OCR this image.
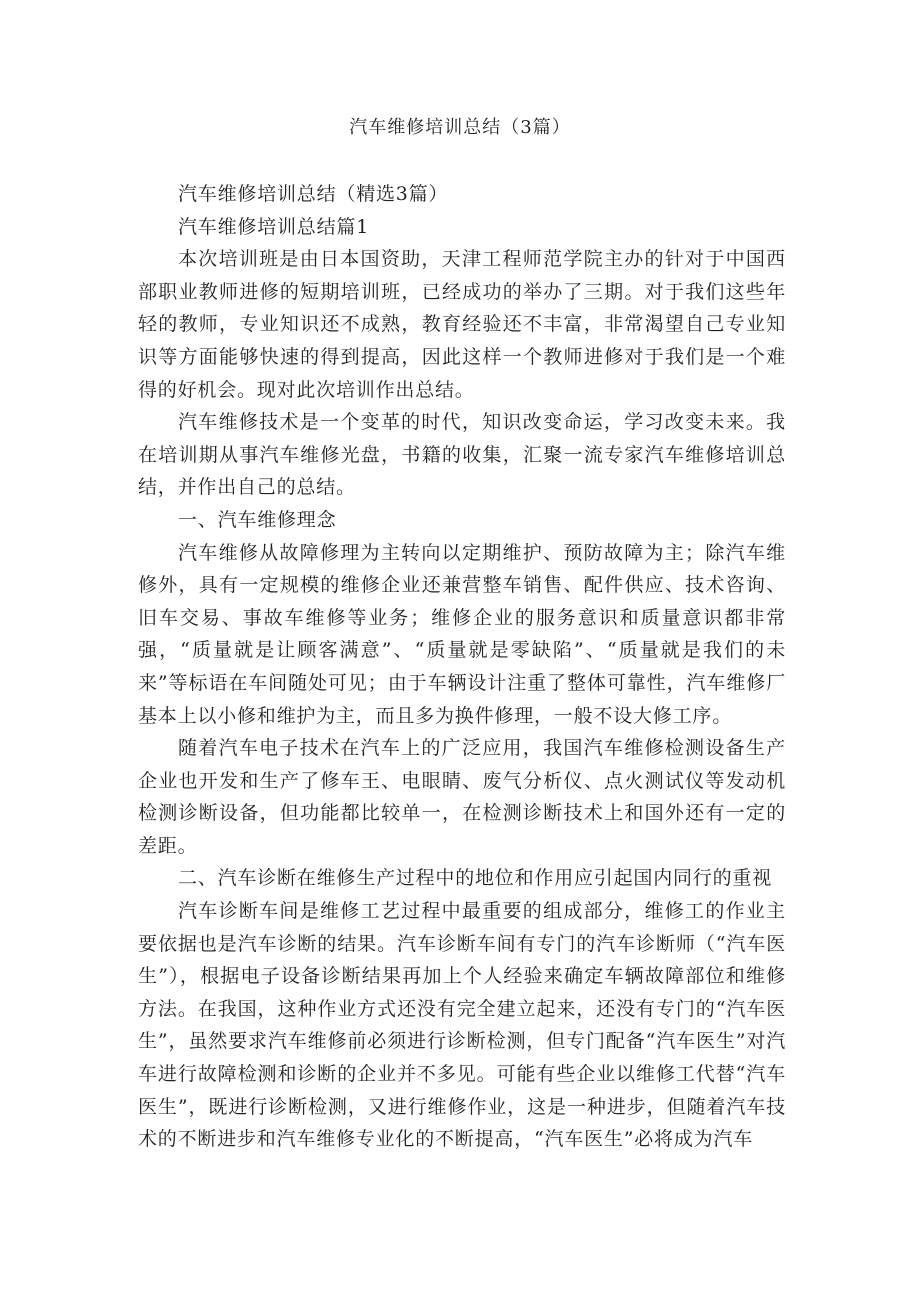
汽车维修培训总结（3篇）

汽车维修培训总结（精选3篇）

汽车维修培训总结篇1

本次培训班是由日本国资助，天津工程师范学院主办的针对于中国西部职业教师进修的短期培训班，已经成功的举办了三期。对于我们这些年轻的教师，专业知识还不成熟，教育经验还不丰富，非常渴望自己专业知识等方面能够快速的得到提高，因此这样一个教师进修对于我们是一个难得的好机会。现对此次培训作出总结。

汽车维修技术是一个变革的时代，知识改变命运，学习改变未来。我在培训期从事汽车维修光盘，书籍的收集，汇聚一流专家汽车维修培训总结，并作出自己的总结。

一、汽车维修理念

汽车维修从故障修理为主转向以定期维护、预防故障为主；除汽车维修外，具有一定规模的维修企业还兼营整车销售、配件供应、技术咨询、旧车交易、事故车维修等业务；维修企业的服务意识和质量意识都非常强，“质量就是让顾客满意”、“质量就是零缺陷”、“质量就是我们的未来”等标语在车间随处可见；由于车辆设计注重了整体可靠性，汽车维修厂基本上以小修和维护为主，而且多为换件修理，一般不设大修工序。

随着汽车电子技术在汽车上的广泛应用，我国汽车维修检测设备生产企业也开发和生产了修车王、电眼睛、废气分析仪、点火测试仪等发动机检测诊断设备，但功能都比较单一，在检测诊断技术上和国外还有一定的差距。

二、汽车诊断在维修生产过程中的地位和作用应引起国内同行的重视

汽车诊断车间是维修工艺过程中最重要的组成部分，维修工的作业主要依据也是汽车诊断的结果。汽车诊断车间有专门的汽车诊断师（“汽车医生”），根据电子设备诊断结果再加上个人经验来确定车辆故障部位和维修方法。在我国，这种作业方式还没有完全建立起来，还没有专门的“汽车医生”，虽然要求汽车维修前必须进行诊断检测，但专门配备“汽车医生”对汽车进行故障检测和诊断的企业并不多见。可能有些企业以维修工代替“汽车医生”，既进行诊断检测，又进行维修作业，这是一种进步，但随着汽车技术的不断进步和汽车维修专业化的不断提高，“汽车医生”必将成为汽车
